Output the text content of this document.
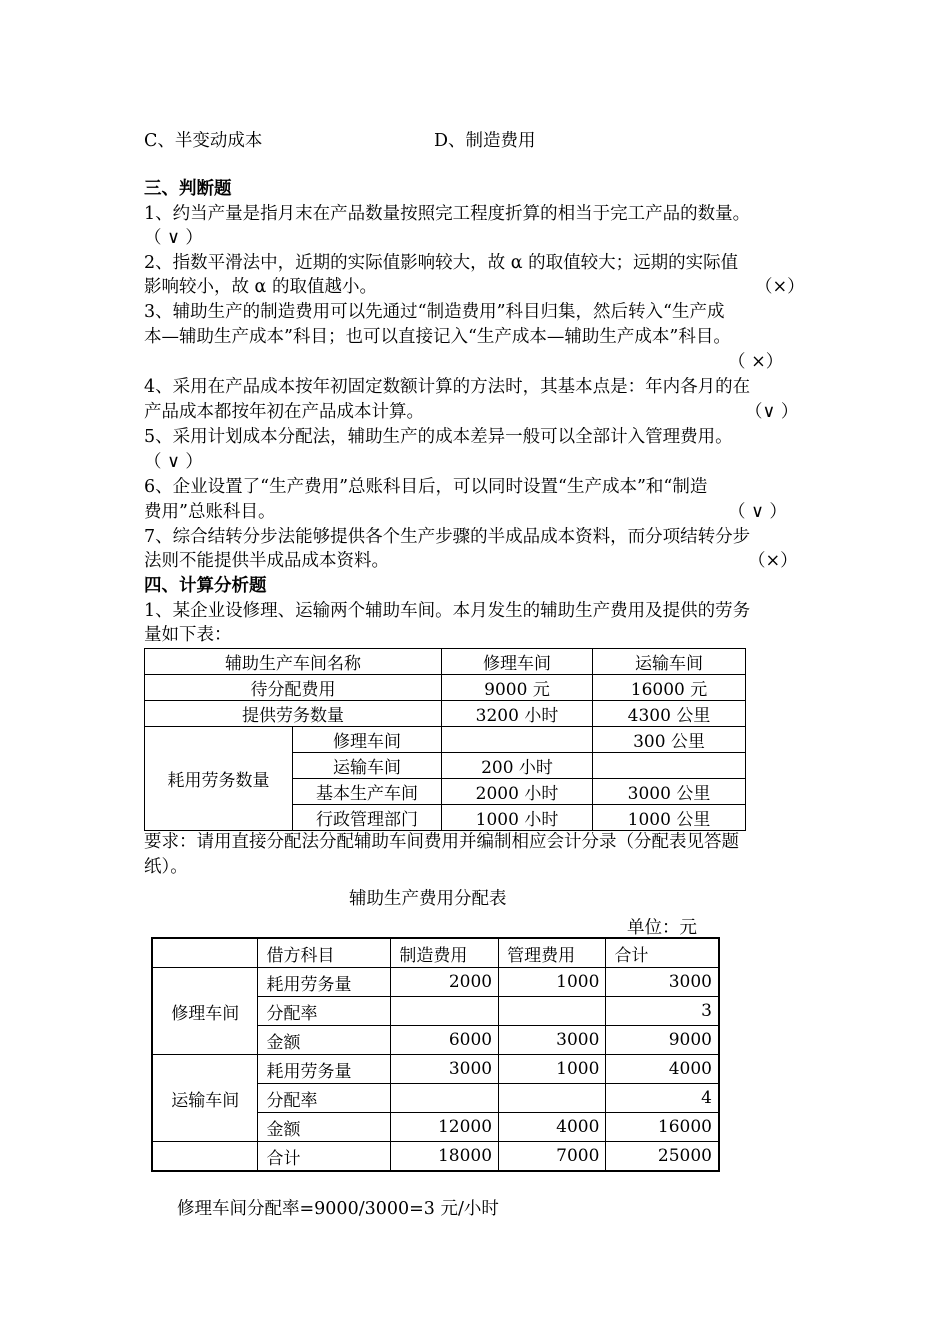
C、半变动成本	D、制造费用
三、判断题
1、约当产量是指月末在产品数量按照完工程度折算的相当于完工产品的数量。
（ ∨ ）
2、指数平滑法中，近期的实际值影响较大，故 α 的取值较大；远期的实际值
影响较小，故 α 的取值越小。	（×）
3、辅助生产的制造费用可以先通过“制造费用”科目归集，然后转入“生产成
本—辅助生产成本”科目；也可以直接记入“生产成本—辅助生产成本”科目。
（ ×）
4、采用在产品成本按年初固定数额计算的方法时，其基本点是：年内各月的在
产品成本都按年初在产品成本计算。	（∨ ）
5、采用计划成本分配法，辅助生产的成本差异一般可以全部计入管理费用。
（ ∨ ）
6、企业设置了“生产费用”总账科目后，可以同时设置“生产成本”和“制造
费用”总账科目。	（ ∨ ）
7、综合结转分步法能够提供各个生产步骤的半成品成本资料，而分项结转分步
法则不能提供半成品成本资料。	（×）
四、计算分析题
1、某企业设修理、运输两个辅助车间。本月发生的辅助生产费用及提供的劳务
量如下表：
辅助生产车间名称		修理车间	运输车间
待分配费用		9000 元	16000 元
提供劳务数量		3200 小时	4300 公里
耗用劳务数量	修理车间		300 公里
	运输车间	200 小时	
	基本生产车间	2000 小时	3000 公里
	行政管理部门	1000 小时	1000 公里
要求：请用直接分配法分配辅助车间费用并编制相应会计分录（分配表见答题
纸）。
辅助生产费用分配表
单位：元
	借方科目	制造费用	管理费用	合计
修理车间	耗用劳务量	2000	1000	3000
	分配率			3
	金额	6000	3000	9000
运输车间	耗用劳务量	3000	1000	4000
	分配率			4
	金额	12000	4000	16000
	合计	18000	7000	25000
修理车间分配率=9000/3000=3 元/小时
